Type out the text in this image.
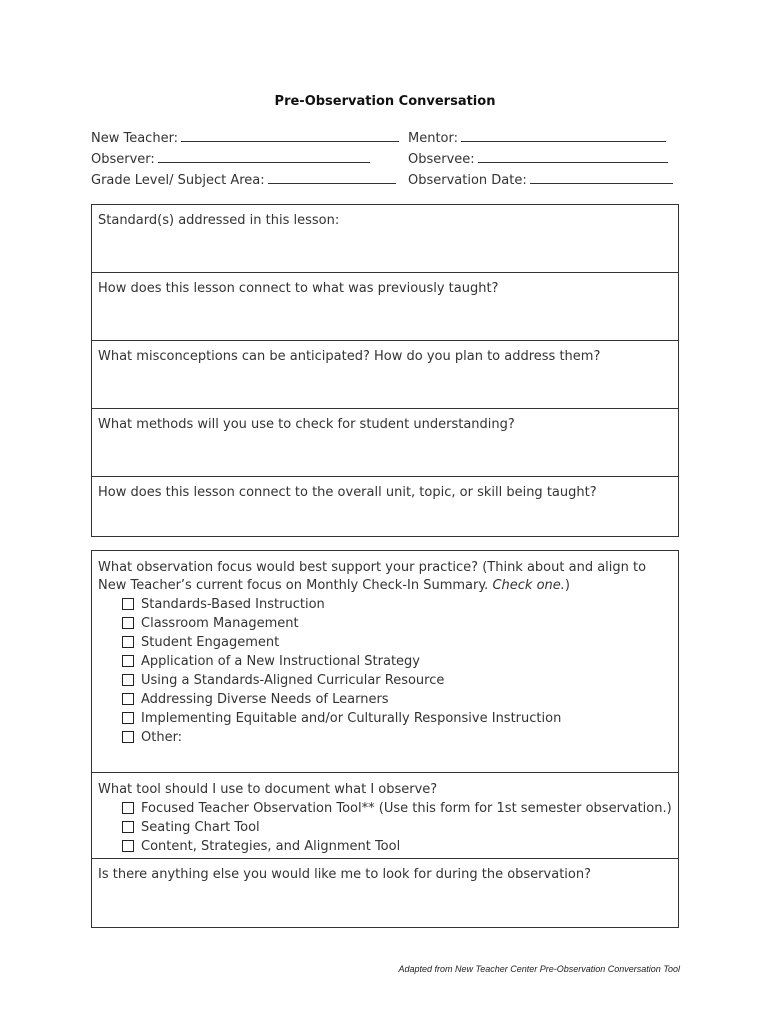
Pre-Observation Conversation
New Teacher:	Mentor:
Observer:	Observee:
Grade Level/ Subject Area:	Observation Date:
Standard(s) addressed in this lesson:
How does this lesson connect to what was previously taught?
What misconceptions can be anticipated? How do you plan to address them?
What methods will you use to check for student understanding?
How does this lesson connect to the overall unit, topic, or skill being taught?
What observation focus would best support your practice? (Think about and align to New Teacher’s current focus on Monthly Check-In Summary. Check one.)
Standards-Based Instruction
Classroom Management
Student Engagement
Application of a New Instructional Strategy
Using a Standards-Aligned Curricular Resource
Addressing Diverse Needs of Learners
Implementing Equitable and/or Culturally Responsive Instruction
Other:
What tool should I use to document what I observe?
Focused Teacher Observation Tool** (Use this form for 1st semester observation.)
Seating Chart Tool
Content, Strategies, and Alignment Tool
Is there anything else you would like me to look for during the observation?
Adapted from New Teacher Center Pre-Observation Conversation Tool
